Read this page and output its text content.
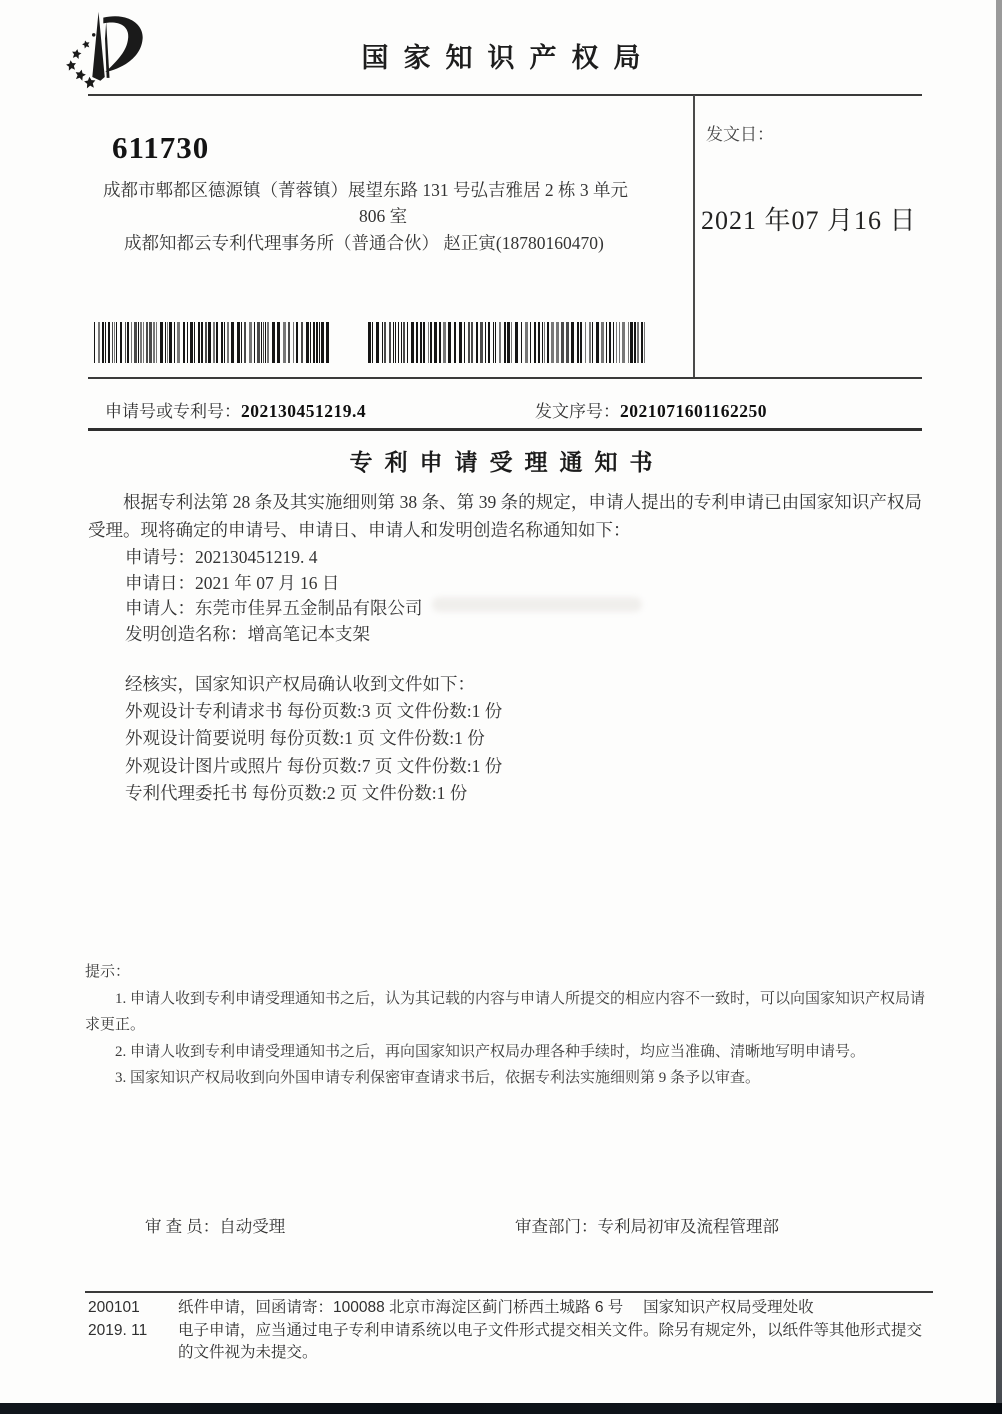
国家知识产权局
611730
成都市郫都区德源镇（菁蓉镇）展望东路 131 号弘吉雅居 2 栋 3 单元
806 室
成都知都云专利代理事务所（普通合伙） 赵正寅(18780160470)
发文日：
2021 年07 月16 日
申请号或专利号：202130451219.4	发文序号：2021071601162250
专利申请受理通知书
根据专利法第 28 条及其实施细则第 38 条、第 39 条的规定，申请人提出的专利申请已由国家知识产权局受理。现将确定的申请号、申请日、申请人和发明创造名称通知如下：
申请号：202130451219. 4
申请日：2021 年 07 月 16 日
申请人：东莞市佳昇五金制品有限公司
发明创造名称：增高笔记本支架
经核实，国家知识产权局确认收到文件如下：
外观设计专利请求书 每份页数:3 页 文件份数:1 份
外观设计简要说明 每份页数:1 页 文件份数:1 份
外观设计图片或照片 每份页数:7 页 文件份数:1 份
专利代理委托书 每份页数:2 页 文件份数:1 份
提示：

1. 申请人收到专利申请受理通知书之后，认为其记载的内容与申请人所提交的相应内容不一致时，可以向国家知识产权局请求更正。

2. 申请人收到专利申请受理通知书之后，再向国家知识产权局办理各种手续时，均应当准确、清晰地写明申请号。

3. 国家知识产权局收到向外国申请专利保密审查请求书后，依据专利法实施细则第 9 条予以审查。

审 查 员：自动受理	审查部门：专利局初审及流程管理部
200101
2019. 11

纸件申请，回函请寄：100088 北京市海淀区蓟门桥西土城路 6 号　 国家知识产权局受理处收

电子申请，应当通过电子专利申请系统以电子文件形式提交相关文件。除另有规定外，以纸件等其他形式提交的文件视为未提交。
